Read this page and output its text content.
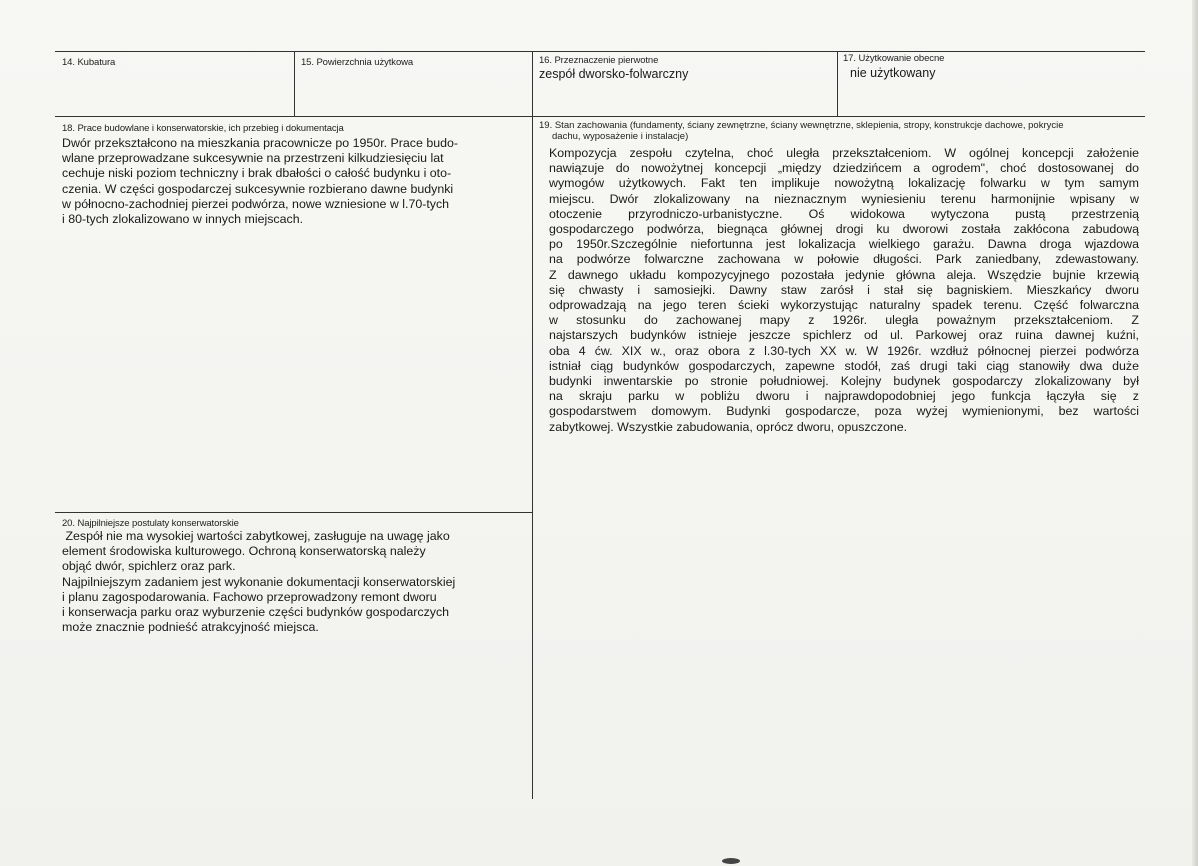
14. Kubatura	15. Powierzchnia użytkowa	16. Przeznaczenie pierwotne
zespół dworsko-folwarczny
17. Użytkowanie obecne
nie użytkowany
18. Prace budowlane i konserwatorskie, ich przebieg i dokumentacja
Dwór przekształcono na mieszkania pracownicze po 1950r. Prace budo-
wlane przeprowadzane sukcesywnie na przestrzeni kilkudziesięciu lat
cechuje niski poziom techniczny i brak dbałości o całość budynku i oto-
czenia. W części gospodarczej sukcesywnie rozbierano dawne budynki
w północno-zachodniej pierzei podwórza, nowe wzniesione w l.70-tych
i 80-tych zlokalizowano w innych miejscach.
19. Stan zachowania (fundamenty, ściany zewnętrzne, ściany wewnętrzne, sklepienia, stropy, konstrukcje dachowe, pokrycie
dachu, wyposażenie i instalacje)
Kompozycja zespołu czytelna, choć uległa przekształceniom. W ogólnej koncepcji założenie
nawiązuje do nowożytnej koncepcji „między dziedzińcem a ogrodem", choć dostosowanej do
wymogów użytkowych. Fakt ten implikuje nowożytną lokalizację folwarku w tym samym
miejscu. Dwór zlokalizowany na nieznacznym wyniesieniu terenu harmonijnie wpisany w
otoczenie przyrodniczo-urbanistyczne. Oś widokowa wytyczona pustą przestrzenią
gospodarczego podwórza, biegnąca głównej drogi ku dworowi została zakłócona zabudową
po 1950r.Szczególnie niefortunna jest lokalizacja wielkiego garażu. Dawna droga wjazdowa
na podwórze folwarczne zachowana w połowie długości. Park zaniedbany, zdewastowany.
Z dawnego układu kompozycyjnego pozostała jedynie główna aleja. Wszędzie bujnie krzewią
się chwasty i samosiejki. Dawny staw zarósł i stał się bagniskiem. Mieszkańcy dworu
odprowadzają na jego teren ścieki wykorzystując naturalny spadek terenu. Część folwarczna
w stosunku do zachowanej mapy z 1926r. uległa poważnym przekształceniom. Z
najstarszych budynków istnieje jeszcze spichlerz od ul. Parkowej oraz ruina dawnej kuźni,
oba 4 ćw. XIX w., oraz obora z l.30-tych XX w. W 1926r. wzdłuż północnej pierzei podwórza
istniał ciąg budynków gospodarczych, zapewne stodół, zaś drugi taki ciąg stanowiły dwa duże
budynki inwentarskie po stronie południowej. Kolejny budynek gospodarczy zlokalizowany był
na skraju parku w pobliżu dworu i najprawdopodobniej jego funkcja łączyła się z
gospodarstwem domowym. Budynki gospodarcze, poza wyżej wymienionymi, bez wartości
zabytkowej. Wszystkie zabudowania, oprócz dworu, opuszczone.
20. Najpilniejsze postulaty konserwatorskie
Zespół nie ma wysokiej wartości zabytkowej, zasługuje na uwagę jako
element środowiska kulturowego. Ochroną konserwatorską należy
objąć dwór, spichlerz oraz park.
Najpilniejszym zadaniem jest wykonanie dokumentacji konserwatorskiej
i planu zagospodarowania. Fachowo przeprowadzony remont dworu
i konserwacja parku oraz wyburzenie części budynków gospodarczych
może znacznie podnieść atrakcyjność miejsca.
